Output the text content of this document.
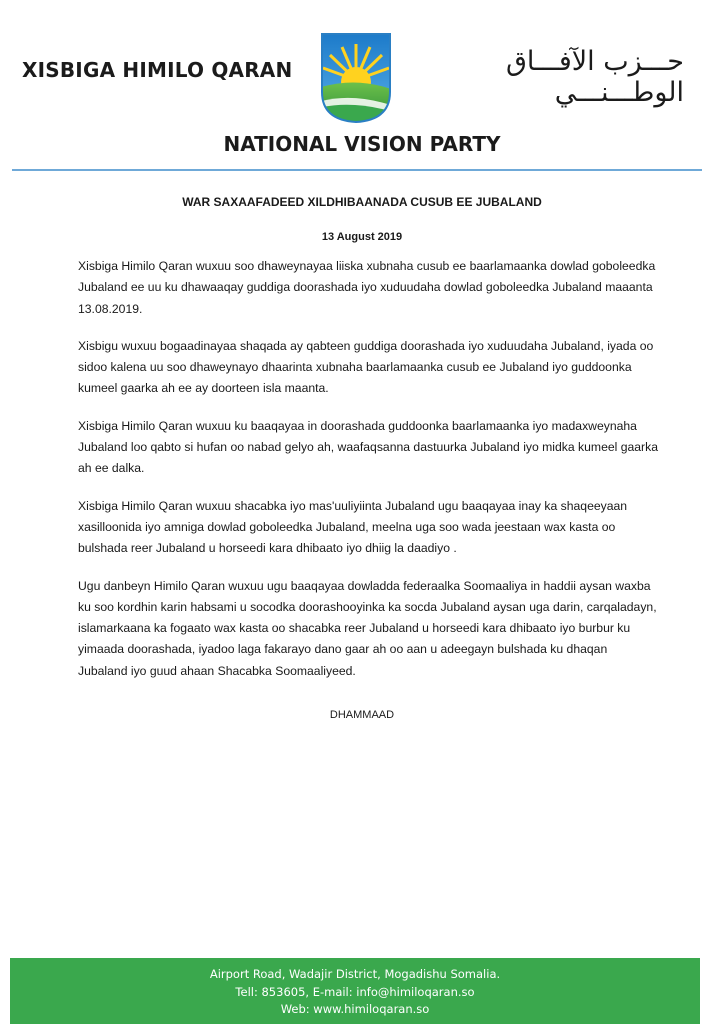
XISBIGA HIMILO QARAN	حـــزب الآفـــاق الوطـــنـــي
NATIONAL VISION PARTY
WAR SAXAAFADEED XILDHIBAANADA CUSUB EE JUBALAND
13 August 2019

Xisbiga Himilo Qaran wuxuu soo dhaweynayaa liiska xubnaha cusub ee baarlamaanka dowlad goboleedka Jubaland ee uu ku dhawaaqay guddiga doorashada iyo xuduudaha dowlad goboleedka Jubaland maaanta 13.08.2019.

Xisbigu wuxuu bogaadinayaa shaqada ay qabteen guddiga doorashada iyo xuduudaha Jubaland, iyada oo sidoo kalena uu soo dhaweynayo dhaarinta xubnaha baarlamaanka cusub ee Jubaland iyo guddoonka kumeel gaarka ah ee ay doorteen isla maanta.

Xisbiga Himilo Qaran wuxuu ku baaqayaa in doorashada guddoonka baarlamaanka iyo madaxweynaha Jubaland loo qabto si hufan oo nabad gelyo ah, waafaqsanna dastuurka Jubaland iyo midka kumeel gaarka ah ee dalka.

Xisbiga Himilo Qaran wuxuu shacabka iyo mas'uuliyiinta Jubaland ugu baaqayaa inay ka shaqeeyaan xasilloonida iyo amniga dowlad goboleedka Jubaland, meelna uga soo wada jeestaan wax kasta oo bulshada reer Jubaland u horseedi kara dhibaato iyo dhiig la daadiyo .

Ugu danbeyn Himilo Qaran wuxuu ugu baaqayaa dowladda federaalka Soomaaliya in haddii aysan waxba ku soo kordhin karin habsami u socodka doorashooyinka ka socda Jubaland aysan uga darin, carqaladayn, islamarkaana ka fogaato wax kasta oo shacabka reer Jubaland u horseedi kara dhibaato iyo burbur ku yimaada doorashada, iyadoo laga fakarayo dano gaar ah oo aan u adeegayn bulshada ku dhaqan Jubaland iyo guud ahaan Shacabka Soomaaliyeed.

DHAMMAAD
Airport Road, Wadajir District, Mogadishu Somalia.
Tell: 853605, E-mail: info@himiloqaran.so
Web: www.himiloqaran.so
